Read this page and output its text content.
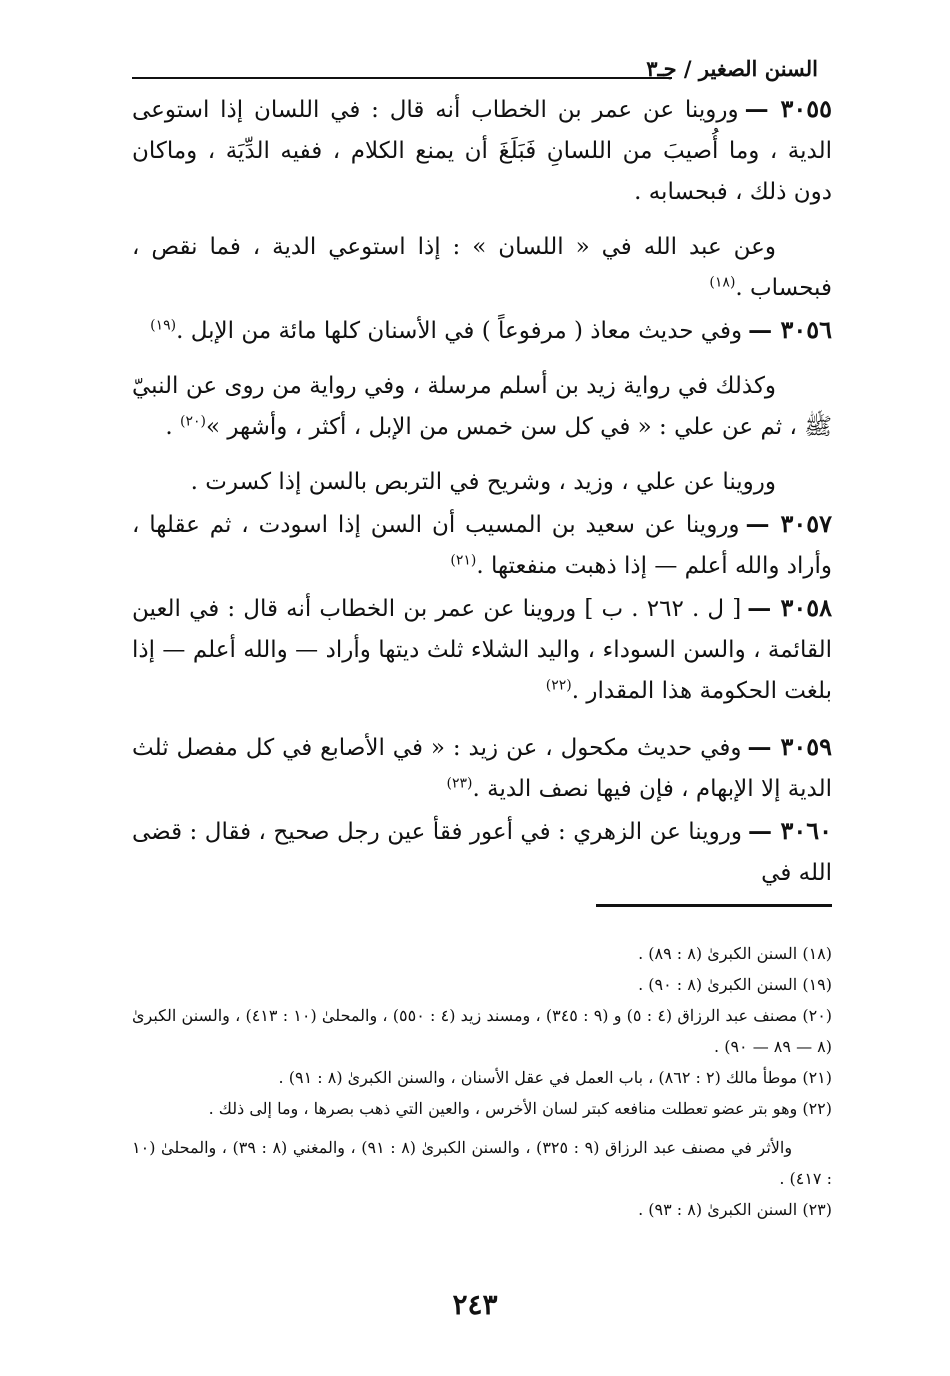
السنن الصغير / جـ٣

٣٠٥٥ —وروينا عن عمر بن الخطاب أنه قال : في اللسان إذا استوعى الدية ، وما أُصيبَ من اللسانِ فَبَلَغَ أن يمنع الكلام ، ففيه الدِّيَة ، وماكان دون ذلك ، فبحسابه .

وعن عبد الله في « اللسان » : إذا استوعي الدية ، فما نقص ، فبحساب .$^{(١٨)}$

٣٠٥٦ —وفي حديث معاذ ( مرفوعاً ) في الأسنان كلها مائة من الإبل .$^{(١٩)}$

وكذلك في رواية زيد بن أسلم مرسلة ، وفي رواية من روى عن النبيّ ﷺ ، ثم عن علي : « في كل سن خمس من الإبل ، أكثر ، وأشهر »$^{(٢٠)}$ .

وروينا عن علي ، وزيد ، وشريح في التربص بالسن إذا كسرت .

٣٠٥٧ —وروينا عن سعيد بن المسيب أن السن إذا اسودت ، ثم عقلها ، وأراد والله أعلم — إذا ذهبت منفعتها .$^{(٢١)}$

٣٠٥٨ —[ ل . ٢٦٢ . ب ] وروينا عن عمر بن الخطاب أنه قال : في العين القائمة ، والسن السوداء ، واليد الشلاء ثلث ديتها وأراد — والله أعلم — إذا بلغت الحكومة هذا المقدار .$^{(٢٢)}$

٣٠٥٩ —وفي حديث مكحول ، عن زيد : « في الأصابع في كل مفصل ثلث الدية إلا الإبهام ، فإن فيها نصف الدية .$^{(٢٣)}$

٣٠٦٠ —وروينا عن الزهري : في أعور فقأ عين رجل صحيح ، فقال : قضى الله في

(١٨) السنن الكبرىٰ (٨ : ٨٩) .

(١٩) السنن الكبرىٰ (٨ : ٩٠) .

(٢٠) مصنف عبد الرزاق (٤ : ٥) و (٩ : ٣٤٥) ، ومسند زيد (٤ : ٥٥٠) ، والمحلىٰ (١٠ : ٤١٣) ، والسنن الكبرىٰ (٨ — ٨٩ — ٩٠) .

(٢١) موطأ مالك (٢ : ٨٦٢) ، باب العمل في عقل الأسنان ، والسنن الكبرىٰ (٨ : ٩١) .

(٢٢) وهو بتر عضو تعطلت منافعه كبتر لسان الأخرس ، والعين التي ذهب بصرها ، وما إلى ذلك .

والأثر في مصنف عبد الرزاق (٩ : ٣٢٥) ، والسنن الكبرىٰ (٨ : ٩١) ، والمغني (٨ : ٣٩) ، والمحلىٰ (١٠ : ٤١٧) .

(٢٣) السنن الكبرىٰ (٨ : ٩٣) .

٢٤٣
